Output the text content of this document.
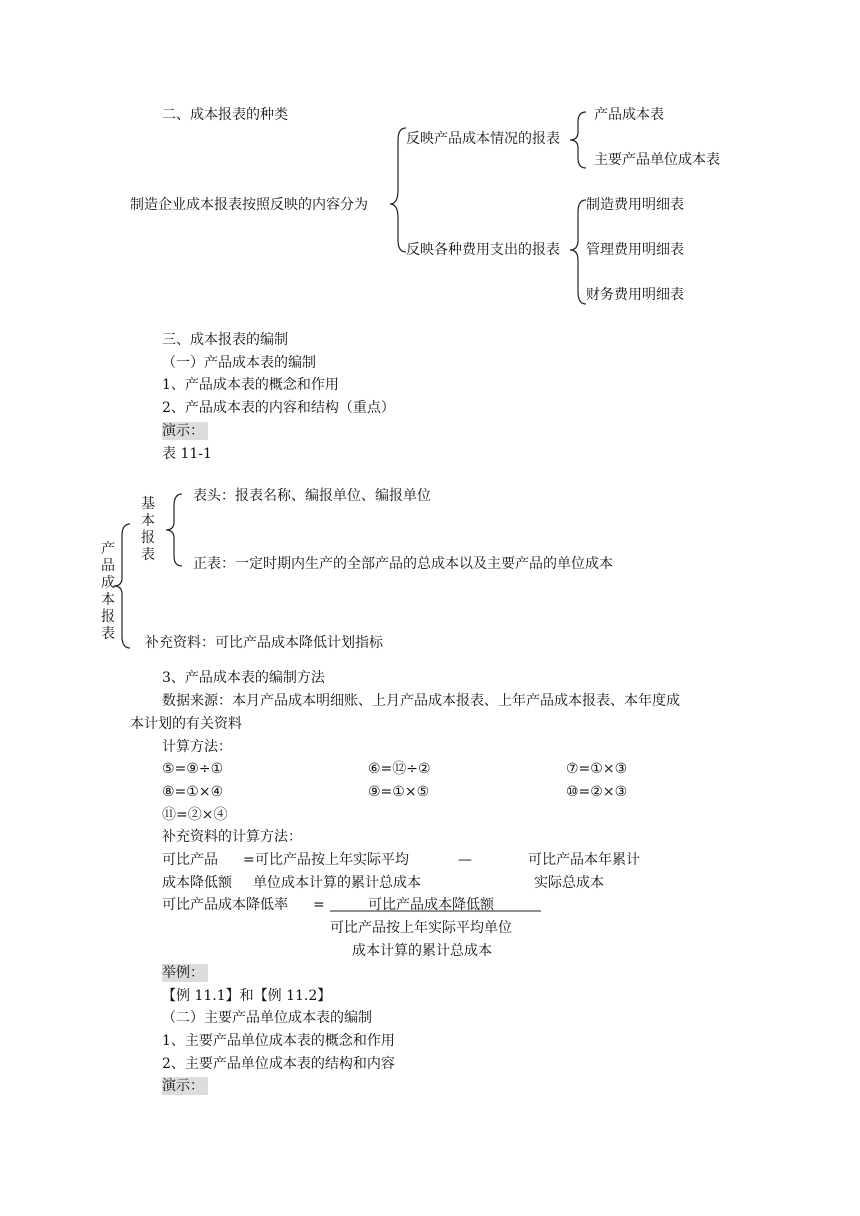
二、成本报表的种类
制造企业成本报表按照反映的内容分为
反映产品成本情况的报表
产品成本表
主要产品单位成本表
反映各种费用支出的报表
制造费用明细表
管理费用明细表
财务费用明细表
三、成本报表的编制
（一）产品成本表的编制
1、产品成本表的概念和作用
2、产品成本表的内容和结构（重点）
演示：
表 11-1
产
品
成
本
报
表
基
本
报
表
表头：报表名称、编报单位、编报单位
正表：一定时期内生产的全部产品的总成本以及主要产品的单位成本
补充资料：可比产品成本降低计划指标
3、产品成本表的编制方法
数据来源：本月产品成本明细账、上月产品成本报表、上年产品成本报表、本年度成
本计划的有关资料
计算方法：
⑤=⑨÷①	⑥=⑫÷②	⑦=①×③
⑧=①×④	⑨=①×⑤	⑩=②×③
⑪=②×④
补充资料的计算方法：
可比产品
成本降低额
= 可比产品按上年实际平均
单位成本计算的累计总成本
—	可比产品本年累计
实际总成本
可比产品成本降低率 =	可比产品成本降低额
可比产品按上年实际平均单位
成本计算的累计总成本
举例：
【例 11.1】和【例 11.2】
（二）主要产品单位成本表的编制
1、主要产品单位成本表的概念和作用
2、主要产品单位成本表的结构和内容
演示：
